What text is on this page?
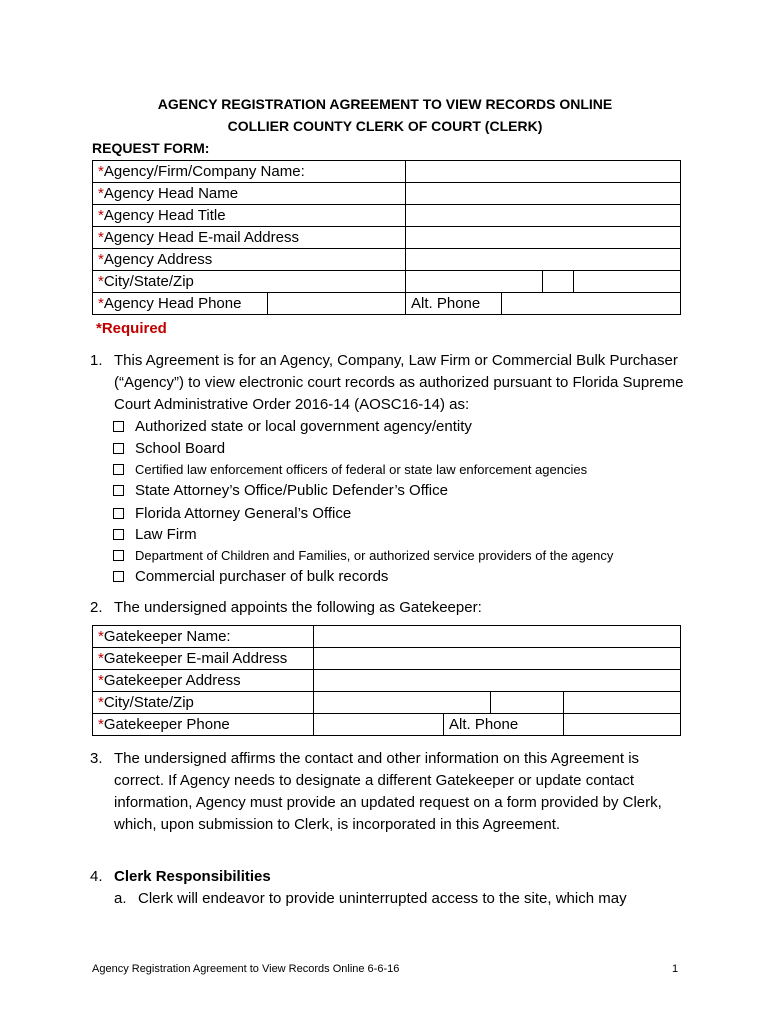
AGENCY REGISTRATION AGREEMENT TO VIEW RECORDS ONLINE
COLLIER COUNTY CLERK OF COURT (CLERK)
REQUEST FORM:
*Agency/Firm/Company Name:					
*Agency Head Name					
*Agency Head Title					
*Agency Head E-mail Address					
*Agency Address					
*City/State/Zip					
*Agency Head Phone		Alt. Phone			
*Required
1. This Agreement is for an Agency, Company, Law Firm or Commercial Bulk Purchaser (“Agency”) to view electronic court records as authorized pursuant to Florida Supreme Court Administrative Order 2016-14 (AOSC16-14) as:
Authorized state or local government agency/entity
School Board
Certified law enforcement officers of federal or state law enforcement agencies
State Attorney’s Office/Public Defender’s Office
Florida Attorney General’s Office
Law Firm
Department of Children and Families, or authorized service providers of the agency
Commercial purchaser of bulk records
2. The undersigned appoints the following as Gatekeeper:
*Gatekeeper Name:				
*Gatekeeper E-mail Address				
*Gatekeeper Address				
*City/State/Zip				
*Gatekeeper Phone		Alt. Phone		
3. The undersigned affirms the contact and other information on this Agreement is correct. If Agency needs to designate a different Gatekeeper or update contact information, Agency must provide an updated request on a form provided by Clerk, which, upon submission to Clerk, is incorporated in this Agreement.
4. Clerk Responsibilities
a. Clerk will endeavor to provide uninterrupted access to the site, which may
Agency Registration Agreement to View Records Online 6-6-16	1
